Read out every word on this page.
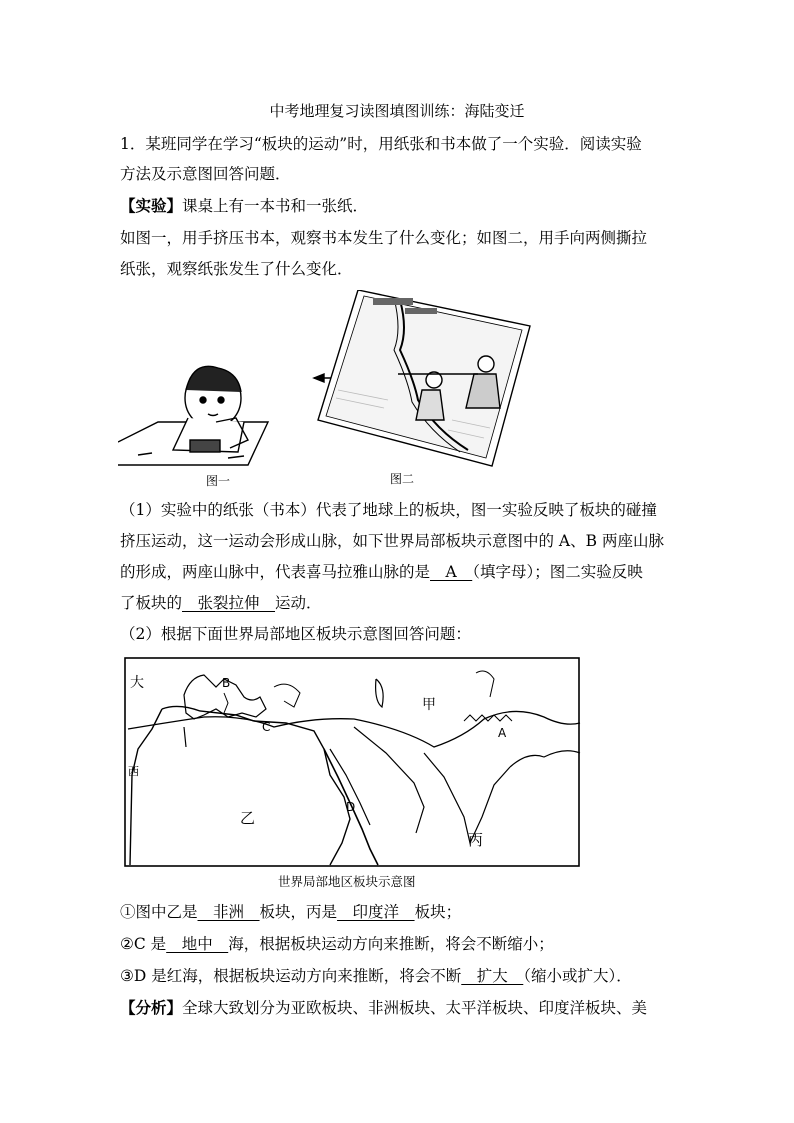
中考地理复习读图填图训练：海陆变迁
1．某班同学在学习“板块的运动”时，用纸张和书本做了一个实验．阅读实验
方法及示意图回答问题．
【实验】课桌上有一本书和一张纸．
如图一，用手挤压书本，观察书本发生了什么变化；如图二，用手向两侧撕拉
纸张，观察纸张发生了什么变化．
图一	图二
（1）实验中的纸张（书本）代表了地球上的板块，图一实验反映了板块的碰撞
挤压运动，这一运动会形成山脉，如下世界局部板块示意图中的 A、B 两座山脉
的形成，两座山脉中，代表喜马拉雅山脉的是　A　（填字母）；图二实验反映
了板块的　张裂拉伸　运动．
（2）根据下面世界局部地区板块示意图回答问题：
大	B
C	A
D
甲
乙
丙
西
世界局部地区板块示意图
①图中乙是　非洲　板块，丙是　印度洋　板块；
②C 是　地中　海，根据板块运动方向来推断，将会不断缩小；
③D 是红海，根据板块运动方向来推断，将会不断　扩大　（缩小或扩大）．
【分析】全球大致划分为亚欧板块、非洲板块、太平洋板块、印度洋板块、美
